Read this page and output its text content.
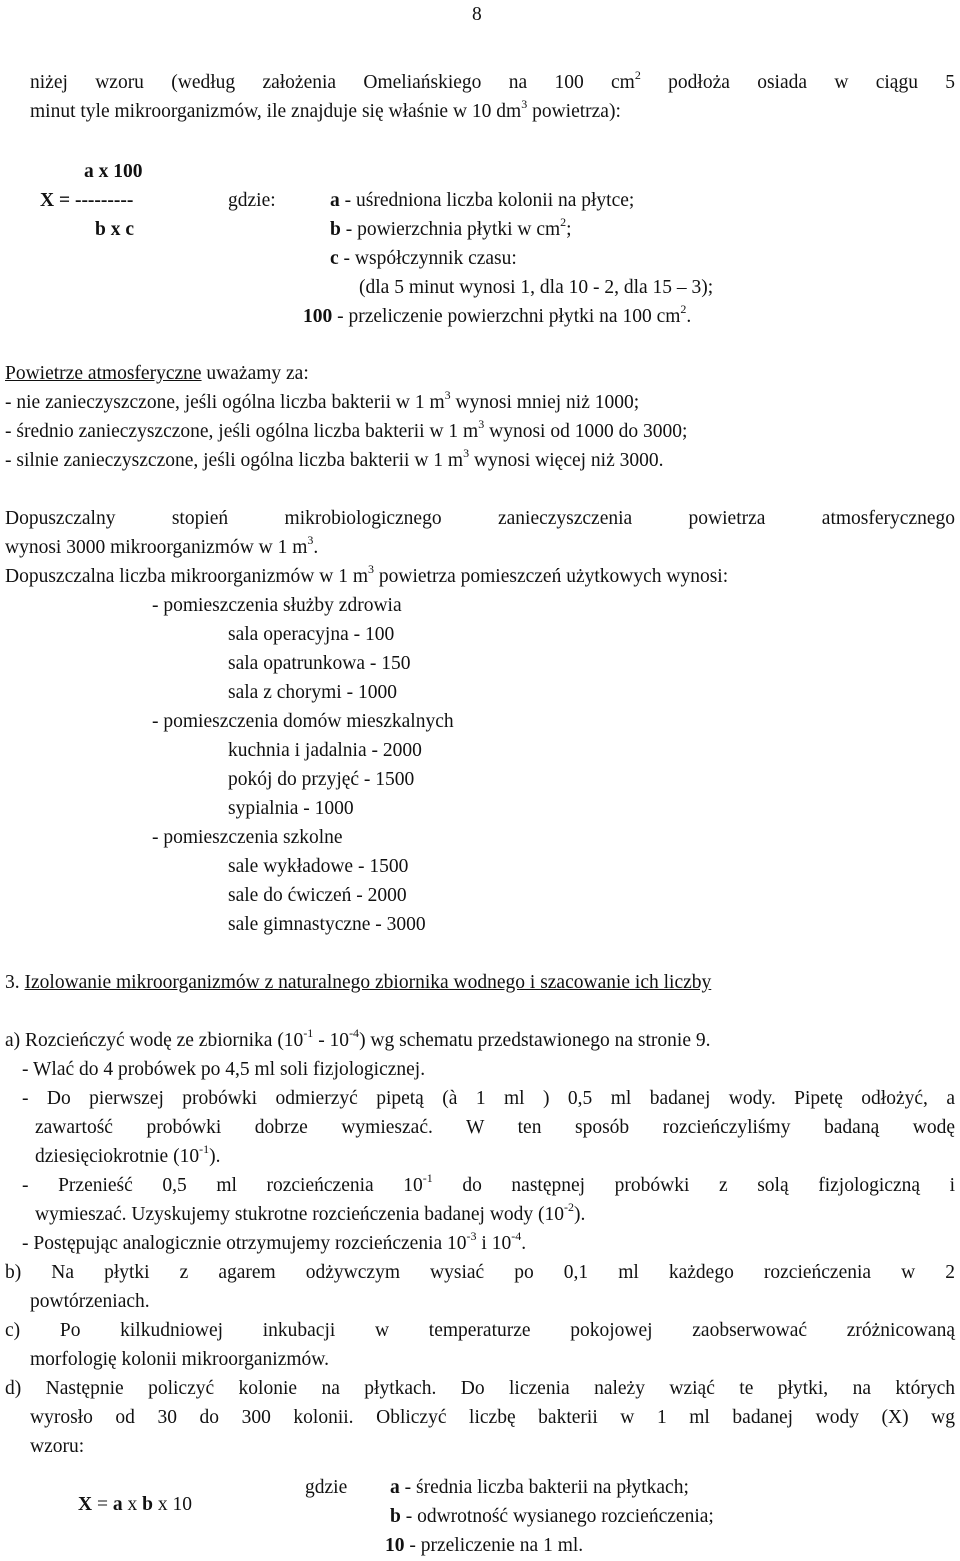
8
niżej wzoru (według założenia Omeliańskiego na 100 $cm^2$ podłoża osiada w ciągu 5
minut tyle mikroorganizmów, ile znajduje się właśnie w 10 $dm^3$ powietrza):
a x 100
X = ---------
b x c
gdzie:	a - uśredniona liczba kolonii na płytce;
b - powierzchnia płytki w $cm^2$;
c - współczynnik czasu:
(dla 5 minut wynosi 1, dla 10 - 2, dla 15 – 3);
100 - przeliczenie powierzchni płytki na 100 $cm^2$.
Powietrze atmosferyczne uważamy za:
- nie zanieczyszczone, jeśli ogólna liczba bakterii w 1 $m^3$ wynosi mniej niż 1000;
- średnio zanieczyszczone, jeśli ogólna liczba bakterii w 1 $m^3$ wynosi od 1000 do 3000;
- silnie zanieczyszczone, jeśli ogólna liczba bakterii w 1 $m^3$ wynosi więcej niż 3000.
Dopuszczalny stopień mikrobiologicznego zanieczyszczenia powietrza atmosferycznego
wynosi 3000 mikroorganizmów w 1 $m^3$.
Dopuszczalna liczba mikroorganizmów w 1 $m^3$ powietrza pomieszczeń użytkowych wynosi:
- pomieszczenia służby zdrowia
sala operacyjna - 100
sala opatrunkowa - 150
sala z chorymi - 1000
- pomieszczenia domów mieszkalnych
kuchnia i jadalnia - 2000
pokój do przyjęć - 1500
sypialnia - 1000
- pomieszczenia szkolne
sale wykładowe - 1500
sale do ćwiczeń - 2000
sale gimnastyczne - 3000
3. Izolowanie mikroorganizmów z naturalnego zbiornika wodnego i szacowanie ich liczby
a) Rozcieńczyć wodę ze zbiornika $(10^{-1} - 10^{-4})$ wg schematu przedstawionego na stronie 9.
- Wlać do 4 probówek po 4,5 ml soli fizjologicznej.
- Do pierwszej probówki odmierzyć pipetą (à 1 ml ) 0,5 ml badanej wody. Pipetę odłożyć, a
zawartość probówki dobrze wymieszać. W ten sposób rozcieńczyliśmy badaną wodę
dziesięciokrotnie $(10^{-1})$.
- Przenieść 0,5 ml rozcieńczenia $10^{-1}$ do następnej probówki z solą fizjologiczną i
wymieszać. Uzyskujemy stukrotne rozcieńczenia badanej wody $(10^{-2})$.
- Postępując analogicznie otrzymujemy rozcieńczenia $10^{-3}$ i $10^{-4}$.
b) Na płytki z agarem odżywczym wysiać po 0,1 ml każdego rozcieńczenia w 2
powtórzeniach.
c) Po kilkudniowej inkubacji w temperaturze pokojowej zaobserwować zróżnicowaną
morfologię kolonii mikroorganizmów.
d) Następnie policzyć kolonie na płytkach. Do liczenia należy wziąć te płytki, na których
wyrosło od 30 do 300 kolonii. Obliczyć liczbę bakterii w 1 ml badanej wody (X) wg
wzoru:
X = a x b x 10
gdzie a - średnia liczba bakterii na płytkach;
b - odwrotność wysianego rozcieńczenia;
10 - przeliczenie na 1 ml.
